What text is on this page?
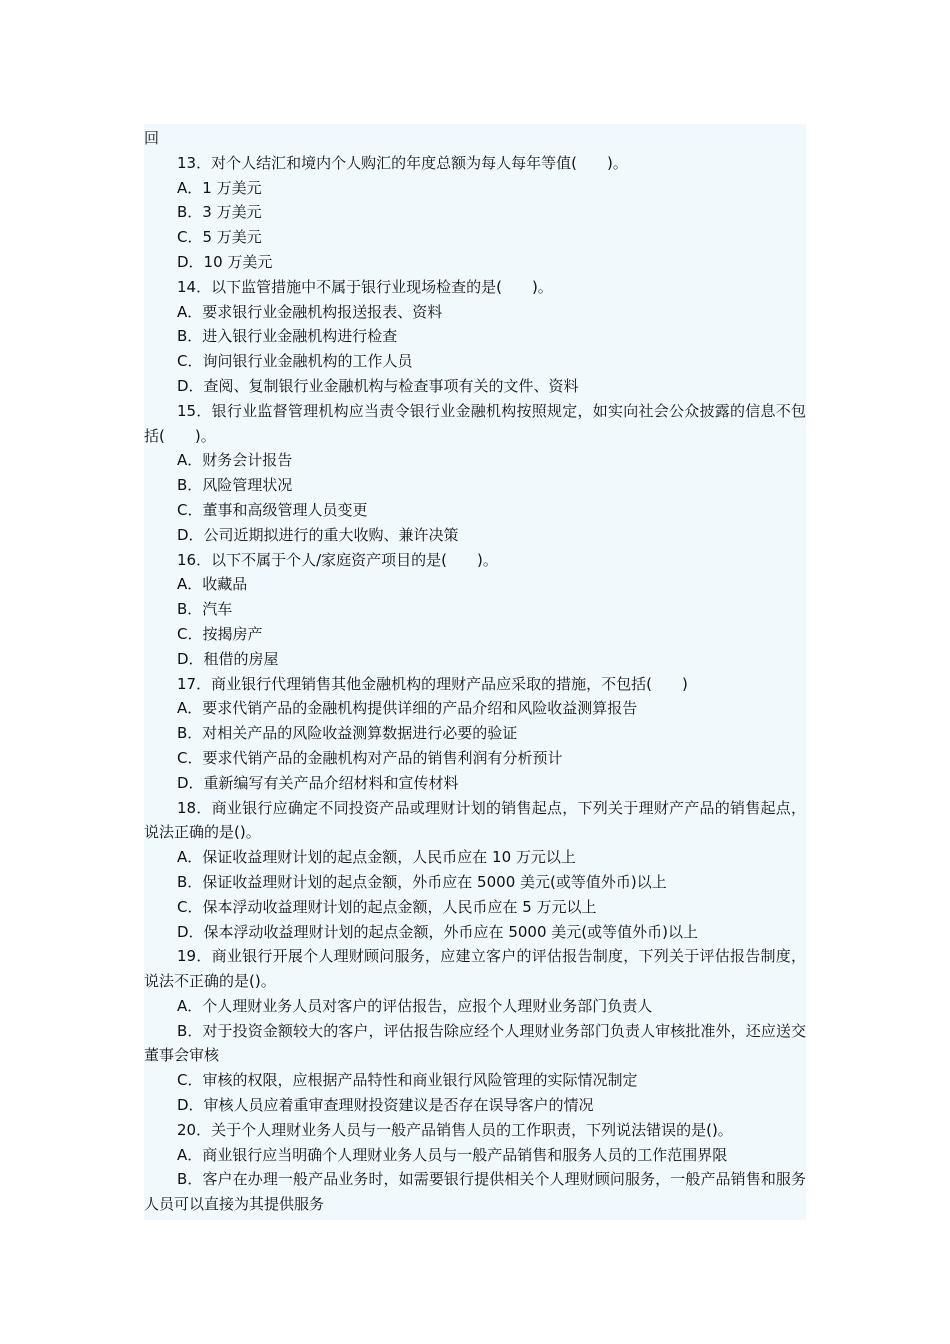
回
13．对个人结汇和境内个人购汇的年度总额为每人每年等值(　　)。
A．1 万美元
B．3 万美元
C．5 万美元
D．10 万美元
14．以下监管措施中不属于银行业现场检查的是(　　)。
A．要求银行业金融机构报送报表、资料
B．进入银行业金融机构进行检查
C．询问银行业金融机构的工作人员
D．查阅、复制银行业金融机构与检查事项有关的文件、资料
15．银行业监督管理机构应当责令银行业金融机构按照规定，如实向社会公众披露的信息不包括(　　)。
A．财务会计报告
B．风险管理状况
C．董事和高级管理人员变更
D．公司近期拟进行的重大收购、兼许决策
16．以下不属于个人/家庭资产项目的是(　　)。
A．收藏品
B．汽车
C．按揭房产
D．租借的房屋
17．商业银行代理销售其他金融机构的理财产品应采取的措施，不包括(　　)
A．要求代销产品的金融机构提供详细的产品介绍和风险收益测算报告
B．对相关产品的风险收益测算数据进行必要的验证
C．要求代销产品的金融机构对产品的销售利润有分析预计
D．重新编写有关产品介绍材料和宣传材料
18．商业银行应确定不同投资产品或理财计划的销售起点，下列关于理财产产品的销售起点，说法正确的是()。
A．保证收益理财计划的起点金额，人民币应在 10 万元以上
B．保证收益理财计划的起点金额，外币应在 5000 美元(或等值外币)以上
C．保本浮动收益理财计划的起点金额，人民币应在 5 万元以上
D．保本浮动收益理财计划的起点金额，外币应在 5000 美元(或等值外币)以上
19．商业银行开展个人理财顾问服务，应建立客户的评估报告制度，下列关于评估报告制度，说法不正确的是()。
A．个人理财业务人员对客户的评估报告，应报个人理财业务部门负责人
B．对于投资金额较大的客户，评估报告除应经个人理财业务部门负责人审核批准外，还应送交董事会审核
C．审核的权限，应根据产品特性和商业银行风险管理的实际情况制定
D．审核人员应着重审查理财投资建议是否存在误导客户的情况
20．关于个人理财业务人员与一般产品销售人员的工作职责，下列说法错误的是()。
A．商业银行应当明确个人理财业务人员与一般产品销售和服务人员的工作范围界限
B．客户在办理一般产品业务时，如需要银行提供相关个人理财顾问服务，一般产品销售和服务人员可以直接为其提供服务
